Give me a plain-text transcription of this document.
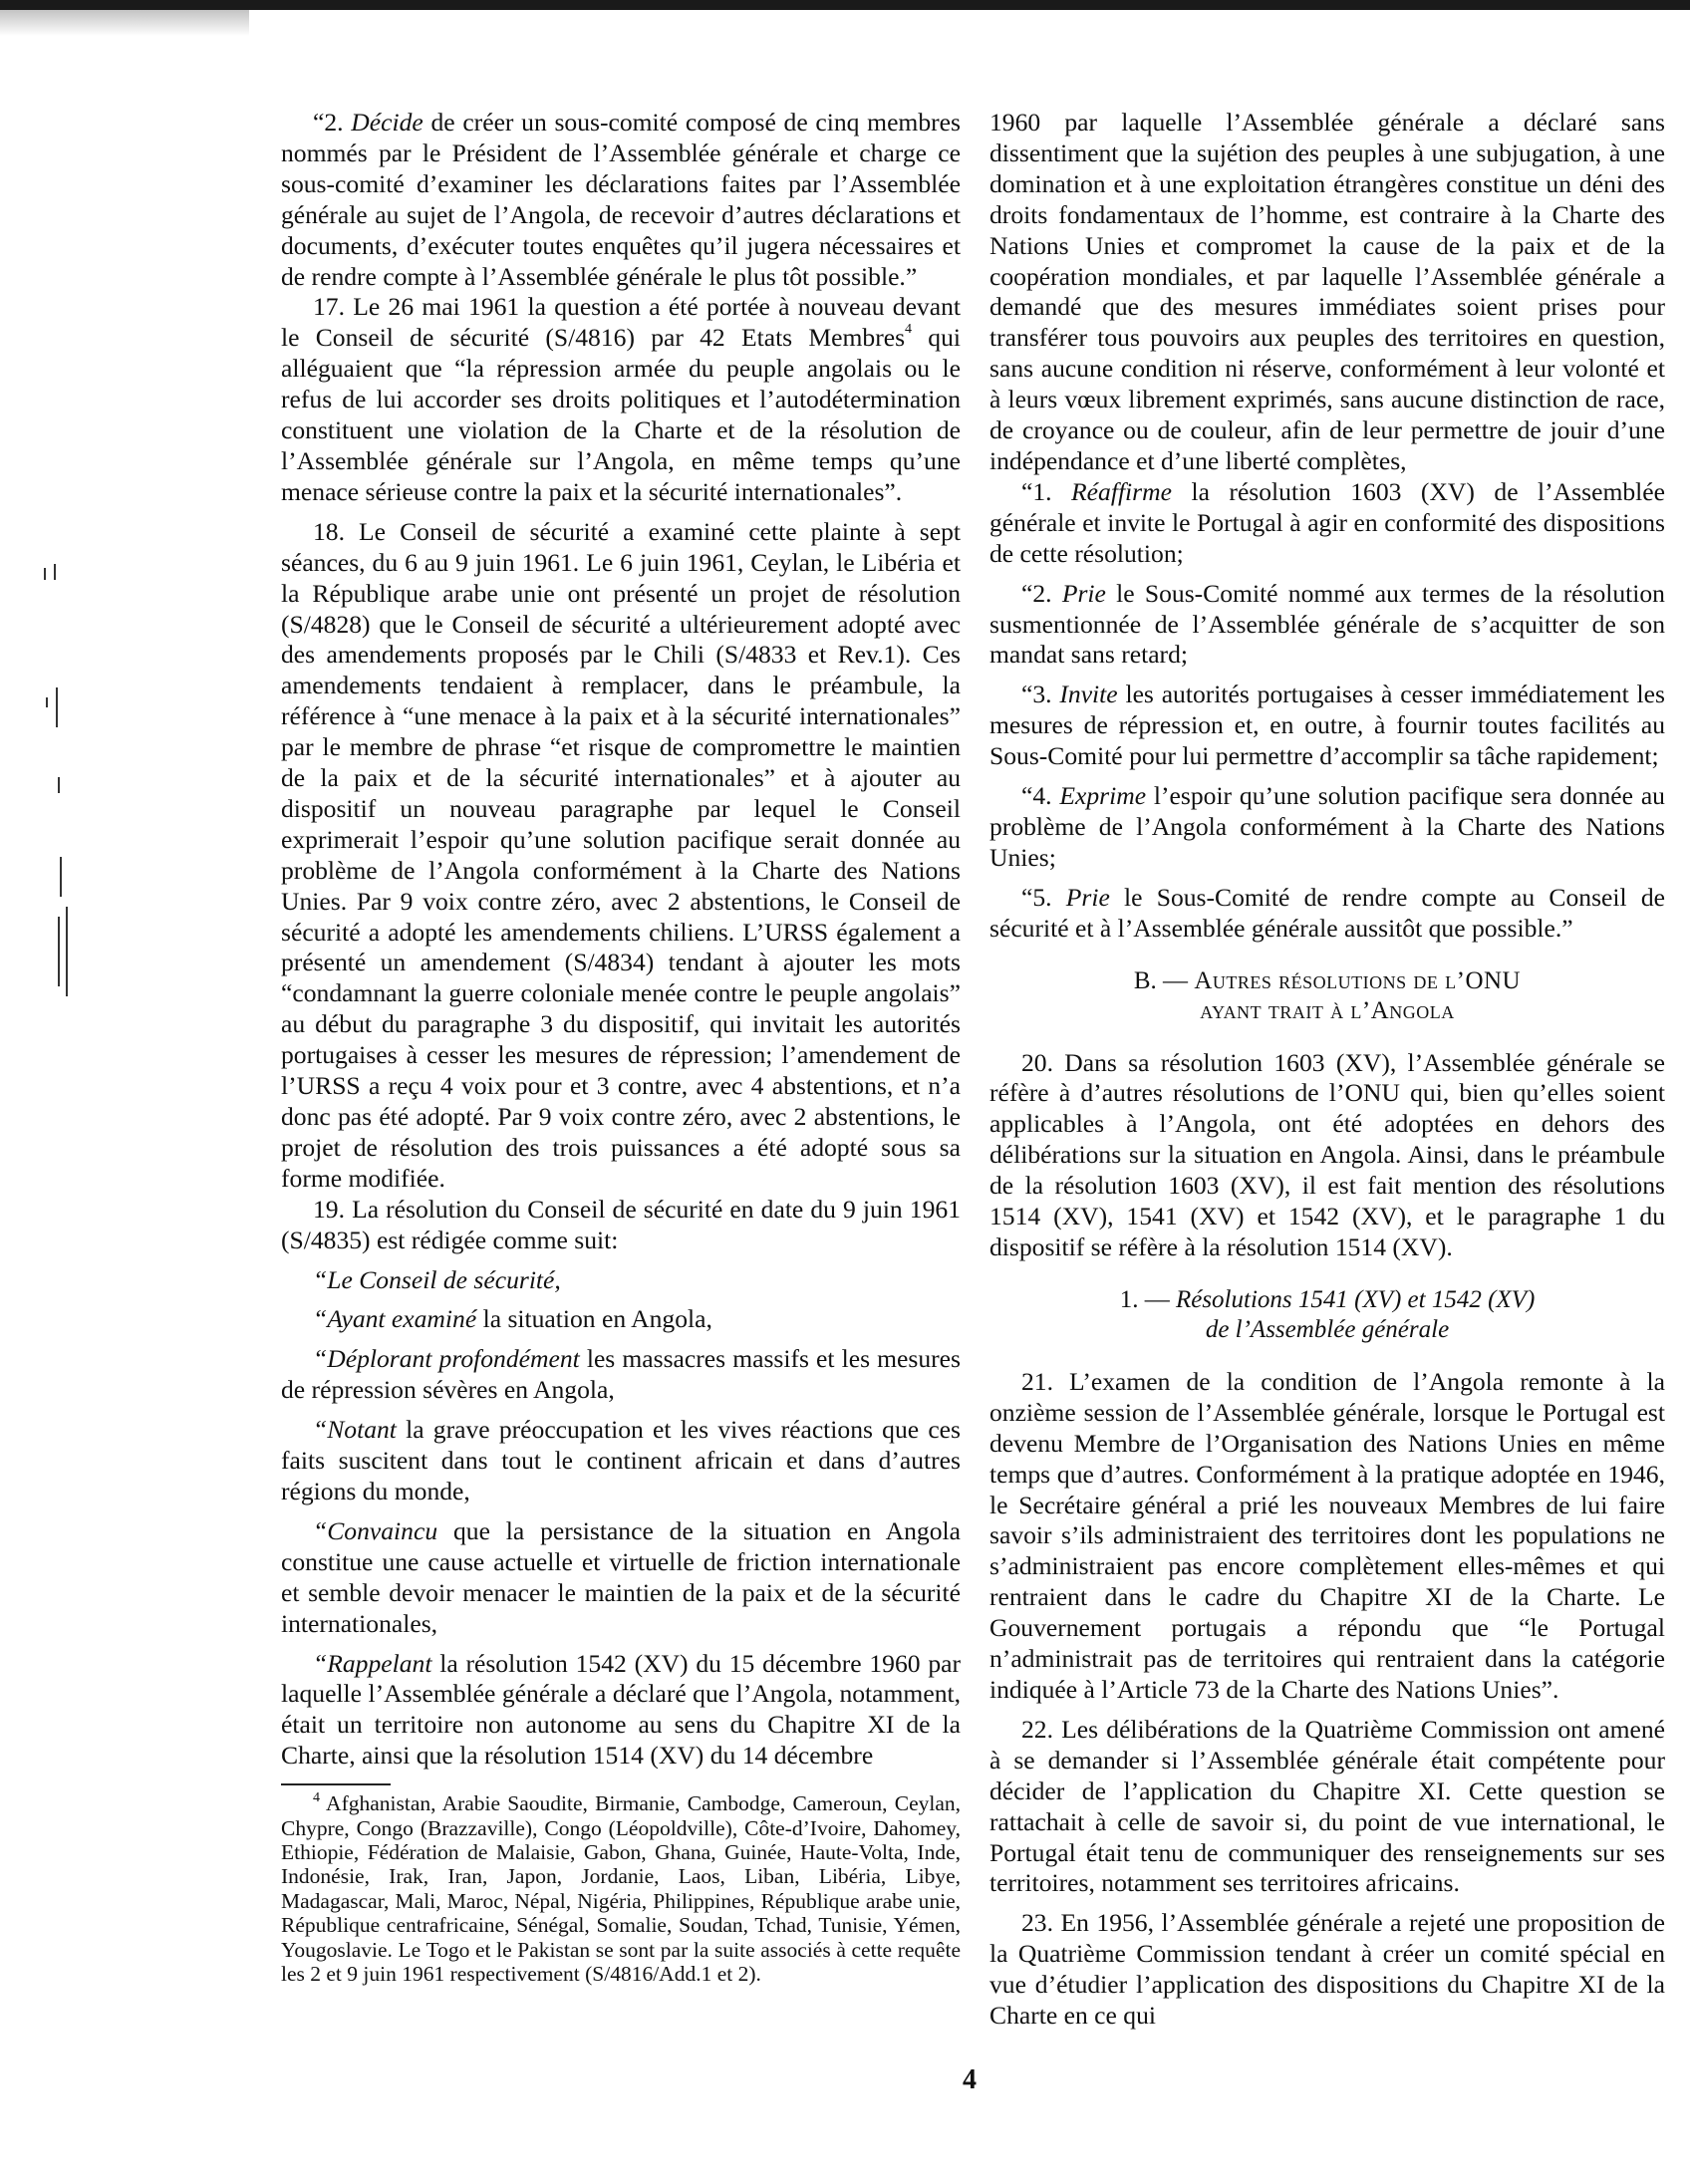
“2. Décide de créer un sous-comité composé de cinq membres nommés par le Président de l’Assemblée générale et charge ce sous-comité d’examiner les déclarations faites par l’Assemblée générale au sujet de l’Angola, de recevoir d’autres déclarations et documents, d’exécuter toutes enquêtes qu’il jugera nécessaires et de rendre compte à l’Assemblée générale le plus tôt possible.”

17. Le 26 mai 1961 la question a été portée à nouveau devant le Conseil de sécurité (S/4816) par 42 Etats Membres$^4$ qui alléguaient que “la répression armée du peuple angolais ou le refus de lui accorder ses droits politiques et l’autodétermination constituent une violation de la Charte et de la résolution de l’Assemblée générale sur l’Angola, en même temps qu’une menace sérieuse contre la paix et la sécurité internationales”.

18. Le Conseil de sécurité a examiné cette plainte à sept séances, du 6 au 9 juin 1961. Le 6 juin 1961, Ceylan, le Libéria et la République arabe unie ont présenté un projet de résolution (S/4828) que le Conseil de sécurité a ultérieurement adopté avec des amendements proposés par le Chili (S/4833 et Rev.1). Ces amendements tendaient à remplacer, dans le préambule, la référence à “une menace à la paix et à la sécurité internationales” par le membre de phrase “et risque de compromettre le maintien de la paix et de la sécurité internationales” et à ajouter au dispositif un nouveau paragraphe par lequel le Conseil exprimerait l’espoir qu’une solution pacifique serait donnée au problème de l’Angola conformément à la Charte des Nations Unies. Par 9 voix contre zéro, avec 2 abstentions, le Conseil de sécurité a adopté les amendements chiliens. L’URSS également a présenté un amendement (S/4834) tendant à ajouter les mots “condamnant la guerre coloniale menée contre le peuple angolais” au début du paragraphe 3 du dispositif, qui invitait les autorités portugaises à cesser les mesures de répression; l’amendement de l’URSS a reçu 4 voix pour et 3 contre, avec 4 abstentions, et n’a donc pas été adopté. Par 9 voix contre zéro, avec 2 abstentions, le projet de résolution des trois puissances a été adopté sous sa forme modifiée.

19. La résolution du Conseil de sécurité en date du 9 juin 1961 (S/4835) est rédigée comme suit:

“Le Conseil de sécurité,

“Ayant examiné la situation en Angola,

“Déplorant profondément les massacres massifs et les mesures de répression sévères en Angola,

“Notant la grave préoccupation et les vives réactions que ces faits suscitent dans tout le continent africain et dans d’autres régions du monde,

“Convaincu que la persistance de la situation en Angola constitue une cause actuelle et virtuelle de friction internationale et semble devoir menacer le maintien de la paix et de la sécurité internationales,

“Rappelant la résolution 1542 (XV) du 15 décembre 1960 par laquelle l’Assemblée générale a déclaré que l’Angola, notamment, était un territoire non autonome au sens du Chapitre XI de la Charte, ainsi que la résolution 1514 (XV) du 14 décembre

$^4$ Afghanistan, Arabie Saoudite, Birmanie, Cambodge, Cameroun, Ceylan, Chypre, Congo (Brazzaville), Congo (Léopoldville), Côte-d’Ivoire, Dahomey, Ethiopie, Fédération de Malaisie, Gabon, Ghana, Guinée, Haute-Volta, Inde, Indonésie, Irak, Iran, Japon, Jordanie, Laos, Liban, Libéria, Libye, Madagascar, Mali, Maroc, Népal, Nigéria, Philippines, République arabe unie, République centrafricaine, Sénégal, Somalie, Soudan, Tchad, Tunisie, Yémen, Yougoslavie. Le Togo et le Pakistan se sont par la suite associés à cette requête les 2 et 9 juin 1961 respectivement (S/4816/Add.1 et 2).

1960 par laquelle l’Assemblée générale a déclaré sans dissentiment que la sujétion des peuples à une subjugation, à une domination et à une exploitation étrangères constitue un déni des droits fondamentaux de l’homme, est contraire à la Charte des Nations Unies et compromet la cause de la paix et de la coopération mondiales, et par laquelle l’Assemblée générale a demandé que des mesures immédiates soient prises pour transférer tous pouvoirs aux peuples des territoires en question, sans aucune condition ni réserve, conformément à leur volonté et à leurs vœux librement exprimés, sans aucune distinction de race, de croyance ou de couleur, afin de leur permettre de jouir d’une indépendance et d’une liberté complètes,

“1. Réaffirme la résolution 1603 (XV) de l’Assemblée générale et invite le Portugal à agir en conformité des dispositions de cette résolution;

“2. Prie le Sous-Comité nommé aux termes de la résolution susmentionnée de l’Assemblée générale de s’acquitter de son mandat sans retard;

“3. Invite les autorités portugaises à cesser immédiatement les mesures de répression et, en outre, à fournir toutes facilités au Sous-Comité pour lui permettre d’accomplir sa tâche rapidement;

“4. Exprime l’espoir qu’une solution pacifique sera donnée au problème de l’Angola conformément à la Charte des Nations Unies;

“5. Prie le Sous-Comité de rendre compte au Conseil de sécurité et à l’Assemblée générale aussitôt que possible.”

B. — Autres résolutions de l’ONU
ayant trait à l’Angola

20. Dans sa résolution 1603 (XV), l’Assemblée générale se réfère à d’autres résolutions de l’ONU qui, bien qu’elles soient applicables à l’Angola, ont été adoptées en dehors des délibérations sur la situation en Angola. Ainsi, dans le préambule de la résolution 1603 (XV), il est fait mention des résolutions 1514 (XV), 1541 (XV) et 1542 (XV), et le paragraphe 1 du dispositif se réfère à la résolution 1514 (XV).

1. — Résolutions 1541 (XV) et 1542 (XV)
de l’Assemblée générale

21. L’examen de la condition de l’Angola remonte à la onzième session de l’Assemblée générale, lorsque le Portugal est devenu Membre de l’Organisation des Nations Unies en même temps que d’autres. Conformément à la pratique adoptée en 1946, le Secrétaire général a prié les nouveaux Membres de lui faire savoir s’ils administraient des territoires dont les populations ne s’administraient pas encore complètement elles-mêmes et qui rentraient dans le cadre du Chapitre XI de la Charte. Le Gouvernement portugais a répondu que “le Portugal n’administrait pas de territoires qui rentraient dans la catégorie indiquée à l’Article 73 de la Charte des Nations Unies”.

22. Les délibérations de la Quatrième Commission ont amené à se demander si l’Assemblée générale était compétente pour décider de l’application du Chapitre XI. Cette question se rattachait à celle de savoir si, du point de vue international, le Portugal était tenu de communiquer des renseignements sur ses territoires, notamment ses territoires africains.

23. En 1956, l’Assemblée générale a rejeté une proposition de la Quatrième Commission tendant à créer un comité spécial en vue d’étudier l’application des dispositions du Chapitre XI de la Charte en ce qui

4
